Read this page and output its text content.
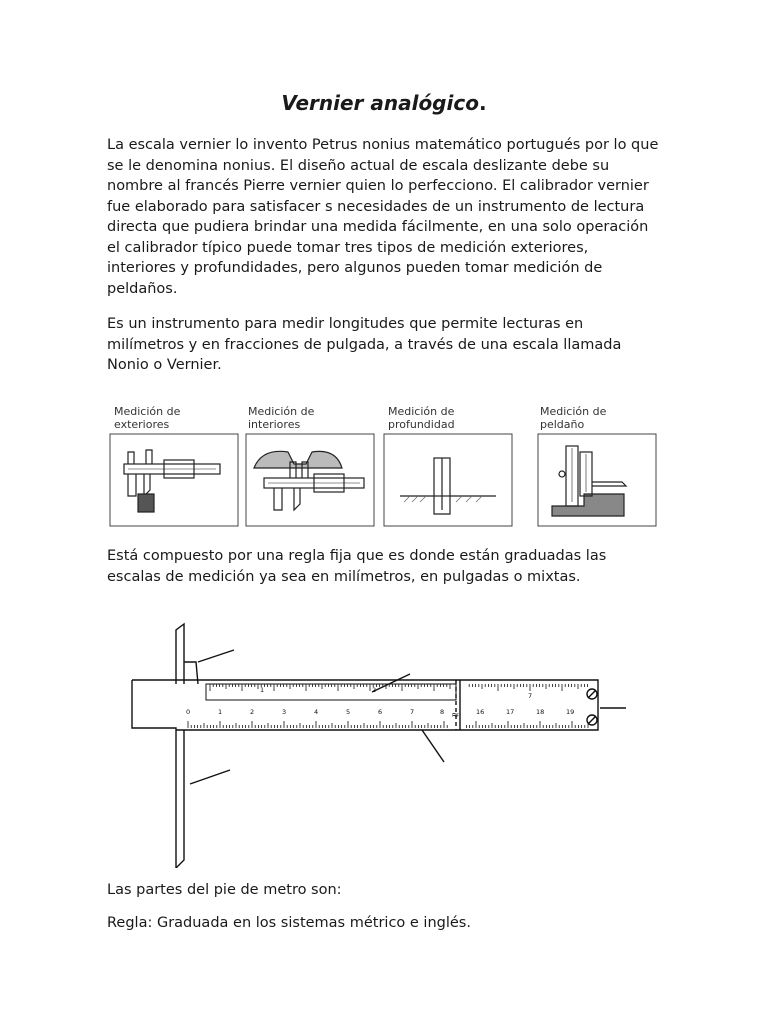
Vernier analógico.

La escala vernier lo invento Petrus nonius matemático portugués por lo que se le denomina nonius. El diseño actual de escala deslizante debe su nombre al francés Pierre vernier quien lo perfecciono. El calibrador vernier fue elaborado para satisfacer s necesidades de un instrumento de lectura directa que pudiera brindar una medida fácilmente, en una solo operación el calibrador típico puede tomar tres tipos de medición exteriores, interiores y profundidades, pero algunos pueden tomar medición de peldaños.

Es un instrumento para medir longitudes que permite lecturas en milímetros y en fracciones de pulgada, a través de una escala llamada Nonio o Vernier.

Medición de
exteriores
Medición de
interiores
Medición de
profundidad
Medición de
peldaño

Está compuesto por una regla fija que es donde están graduadas las escalas de medición ya sea en milímetros, en pulgadas o mixtas.

0	1	2	3	4	5	6	7	8	16	17	18	19
1	2
7
≈

Las partes del pie de metro son:

Regla: Graduada en los sistemas métrico e inglés.
